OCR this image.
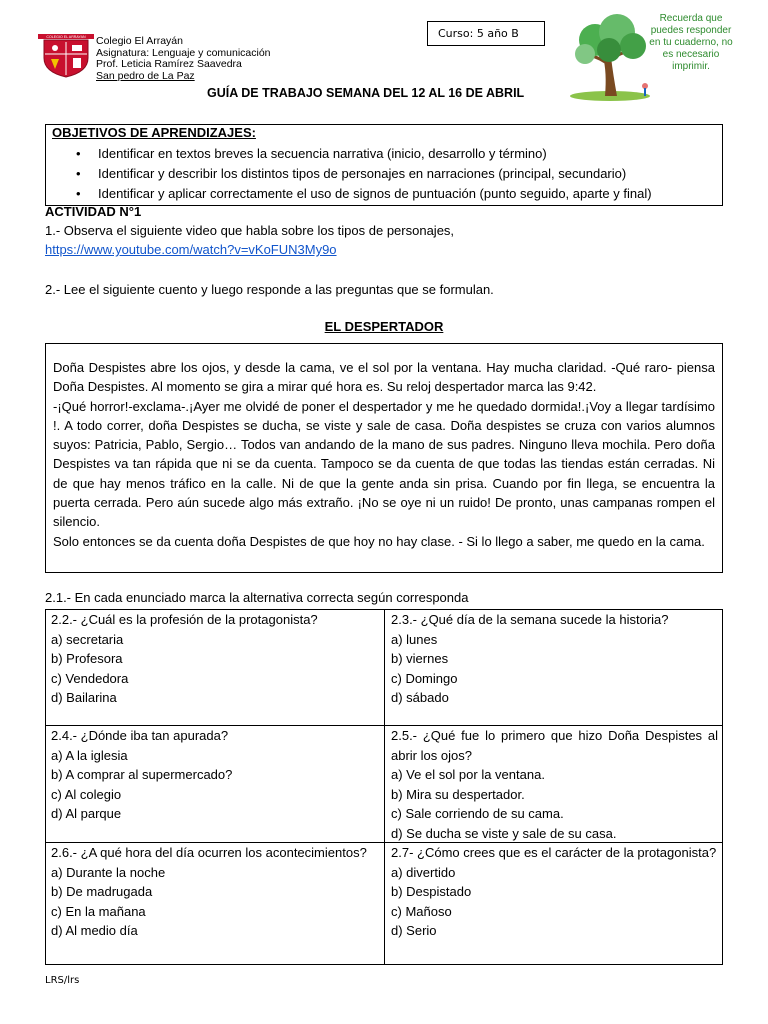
COLEGIO EL ARRAYAN Colegio El Arrayán
Asignatura: Lenguaje y comunicación
Prof. Leticia Ramírez Saavedra
San pedro de La Paz
Curso: 5 año B
Recuerda que puedes responder en tu cuaderno, no es necesario imprimir.
GUÍA DE TRABAJO SEMANA DEL 12 AL 16 DE ABRIL
OBJETIVOS DE APRENDIZAJES:
• Identificar en textos breves la secuencia narrativa (inicio, desarrollo y término)
• Identificar y describir los distintos tipos de personajes en narraciones (principal, secundario)
• Identificar y aplicar correctamente el uso de signos de puntuación (punto seguido, aparte y final)
ACTIVIDAD N°1
1.- Observa el siguiente video que habla sobre los tipos de personajes,
https://www.youtube.com/watch?v=vKoFUN3My9o
2.- Lee el siguiente cuento y luego responde a las preguntas que se formulan.
EL DESPERTADOR

Doña Despistes abre los ojos, y desde la cama, ve el sol por la ventana. Hay mucha claridad. -Qué raro- piensa Doña Despistes. Al momento se gira a mirar qué hora es. Su reloj despertador marca las 9:42.

-¡Qué horror!-exclama-.¡Ayer me olvidé de poner el despertador y me he quedado dormida!.¡Voy a llegar tardísimo !. A todo correr, doña Despistes se ducha, se viste y sale de casa. Doña despistes se cruza con varios alumnos suyos: Patricia, Pablo, Sergio… Todos van andando de la mano de sus padres. Ninguno lleva mochila. Pero doña Despistes va tan rápida que ni se da cuenta. Tampoco se da cuenta de que todas las tiendas están cerradas. Ni de que hay menos tráfico en la calle. Ni de que la gente anda sin prisa. Cuando por fin llega, se encuentra la puerta cerrada. Pero aún sucede algo más extraño. ¡No se oye ni un ruido! De pronto, unas campanas rompen el silencio.

Solo entonces se da cuenta doña Despistes de que hoy no hay clase. - Si lo llego a saber, me quedo en la cama.

2.1.- En cada enunciado marca la alternativa correcta según corresponda
2.2.- ¿Cuál es la profesión de la protagonista?
a) secretaria
b) Profesora
c) Vendedora
d) Bailarina
2.3.- ¿Qué día de la semana sucede la historia?
a) lunes
b) viernes
c) Domingo
d) sábado
2.4.- ¿Dónde iba tan apurada?
a) A la iglesia
b) A comprar al supermercado?
c) Al colegio
d) Al parque
2.5.- ¿Qué fue lo primero que hizo Doña Despistes al abrir los ojos?
a) Ve el sol por la ventana.
b) Mira su despertador.
c) Sale corriendo de su cama.
d) Se ducha se viste y sale de su casa.
2.6.- ¿A qué hora del día ocurren los acontecimientos?
a) Durante la noche
b) De madrugada
c) En la mañana
d) Al medio día
2.7- ¿Cómo crees que es el carácter de la protagonista?
a) divertido
b) Despistado
c) Mañoso
d) Serio
LRS/lrs
